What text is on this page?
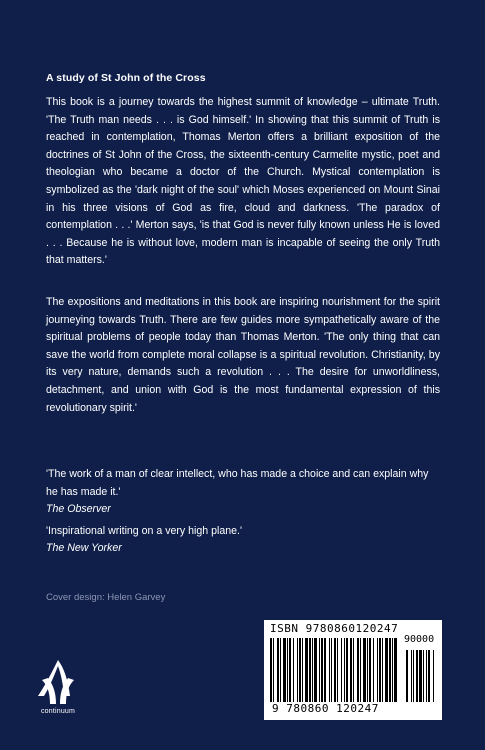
A study of St John of the Cross

This book is a journey towards the highest summit of knowledge – ultimate Truth. 'The Truth man needs . . . is God himself.' In showing that this summit of Truth is reached in contemplation, Thomas Merton offers a brilliant exposition of the doctrines of St John of the Cross, the sixteenth-century Carmelite mystic, poet and theologian who became a doctor of the Church. Mystical contemplation is symbolized as the 'dark night of the soul' which Moses experienced on Mount Sinai in his three visions of God as fire, cloud and darkness. 'The paradox of contemplation . . .' Merton says, 'is that God is never fully known unless He is loved . . . Because he is without love, modern man is incapable of seeing the only Truth that matters.'

The expositions and meditations in this book are inspiring nourishment for the spirit journeying towards Truth. There are few guides more sympathetically aware of the spiritual problems of people today than Thomas Merton. 'The only thing that can save the world from complete moral collapse is a spiritual revolution. Christianity, by its very nature, demands such a revolution . . . The desire for unworldliness, detachment, and union with God is the most fundamental expression of this revolutionary spirit.'

'The work of a man of clear intellect, who has made a choice and can explain why he has made it.'

The Observer

'Inspirational writing on a very high plane.'

The New Yorker

Cover design: Helen Garvey
continuum
ISBN 9780860120247
90000
9 780860 120247
